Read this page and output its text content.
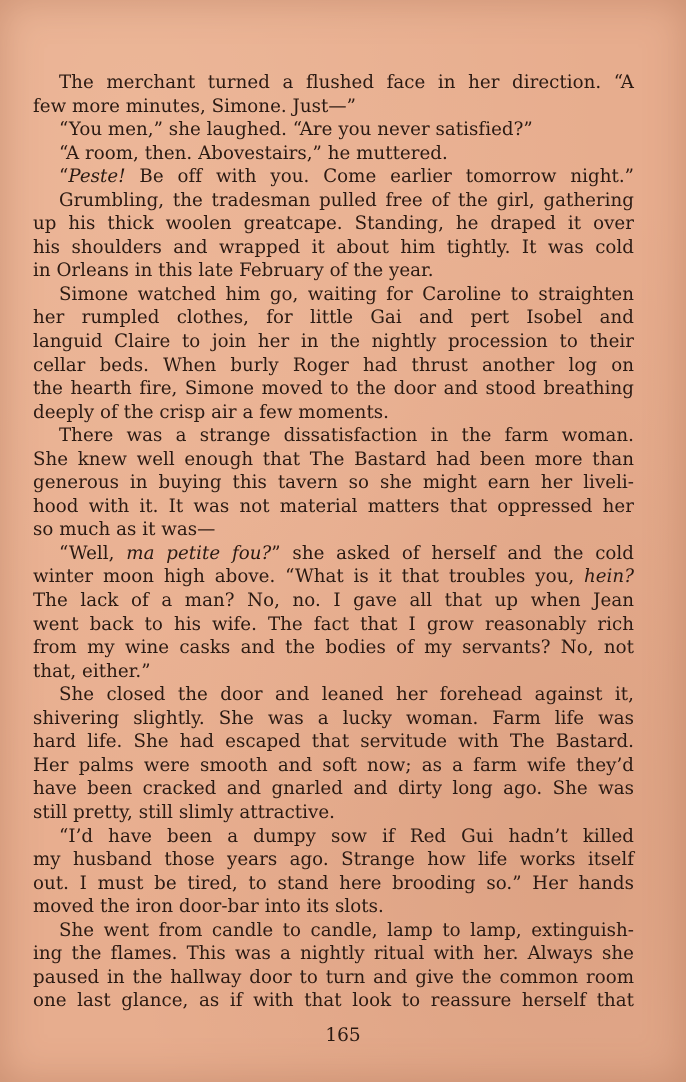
The merchant turned a flushed face in her direction. “A
few more minutes, Simone. Just—”
“You men,” she laughed. “Are you never satisfied?”
“A room, then. Abovestairs,” he muttered.
“Peste! Be off with you. Come earlier tomorrow night.”
Grumbling, the tradesman pulled free of the girl, gathering
up his thick woolen greatcape. Standing, he draped it over
his shoulders and wrapped it about him tightly. It was cold
in Orleans in this late February of the year.
Simone watched him go, waiting for Caroline to straighten
her rumpled clothes, for little Gai and pert Isobel and
languid Claire to join her in the nightly procession to their
cellar beds. When burly Roger had thrust another log on
the hearth fire, Simone moved to the door and stood breathing
deeply of the crisp air a few moments.
There was a strange dissatisfaction in the farm woman.
She knew well enough that The Bastard had been more than
generous in buying this tavern so she might earn her liveli-
hood with it. It was not material matters that oppressed her
so much as it was—
“Well, ma petite fou?” she asked of herself and the cold
winter moon high above. “What is it that troubles you, hein?
The lack of a man? No, no. I gave all that up when Jean
went back to his wife. The fact that I grow reasonably rich
from my wine casks and the bodies of my servants? No, not
that, either.”
She closed the door and leaned her forehead against it,
shivering slightly. She was a lucky woman. Farm life was
hard life. She had escaped that servitude with The Bastard.
Her palms were smooth and soft now; as a farm wife they’d
have been cracked and gnarled and dirty long ago. She was
still pretty, still slimly attractive.
“I’d have been a dumpy sow if Red Gui hadn’t killed
my husband those years ago. Strange how life works itself
out. I must be tired, to stand here brooding so.” Her hands
moved the iron door-bar into its slots.
She went from candle to candle, lamp to lamp, extinguish-
ing the flames. This was a nightly ritual with her. Always she
paused in the hallway door to turn and give the common room
one last glance, as if with that look to reassure herself that
165
